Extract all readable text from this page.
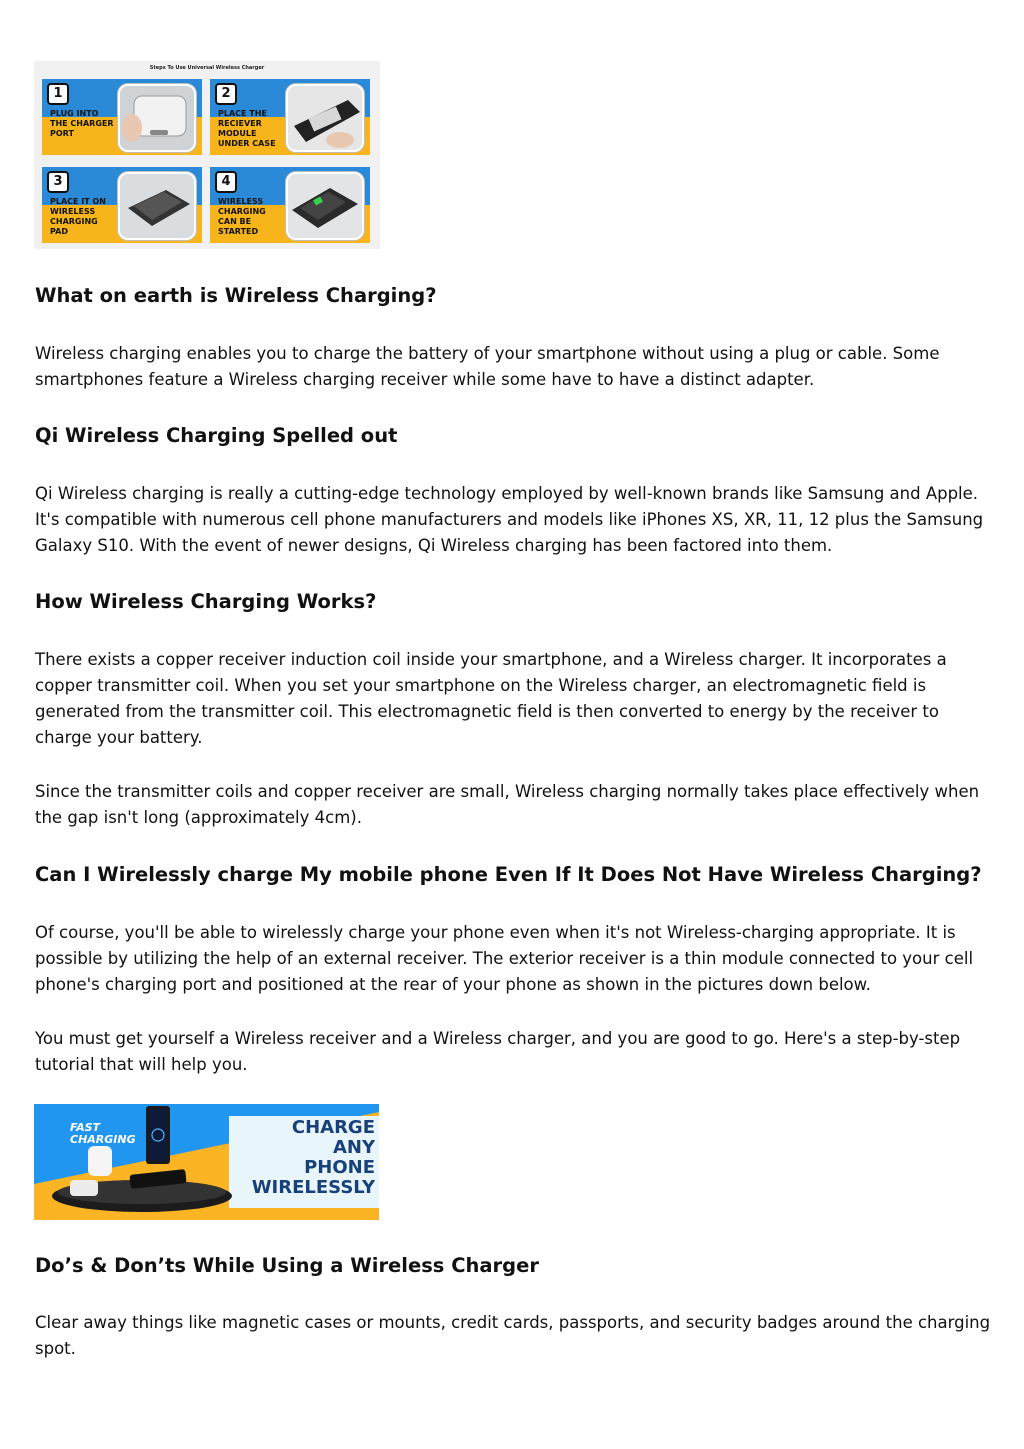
Steps To Use Universal Wireless Charger
1
PLUG INTO THE CHARGER PORT
2
PLACE THE RECIEVER MODULE UNDER CASE
3
PLACE IT ON WIRELESS CHARGING PAD
4
WIRELESS CHARGING CAN BE STARTED
What on earth is Wireless Charging?

Wireless charging enables you to charge the battery of your smartphone without using a plug or cable. Some smartphones feature a Wireless charging receiver while some have to have a distinct adapter.

Qi Wireless Charging Spelled out

Qi Wireless charging is really a cutting-edge technology employed by well-known brands like Samsung and Apple. It's compatible with numerous cell phone manufacturers and models like iPhones XS, XR, 11, 12 plus the Samsung Galaxy S10. With the event of newer designs, Qi Wireless charging has been factored into them.

How Wireless Charging Works?

There exists a copper receiver induction coil inside your smartphone, and a Wireless charger. It incorporates a copper transmitter coil. When you set your smartphone on the Wireless charger, an electromagnetic field is generated from the transmitter coil. This electromagnetic field is then converted to energy by the receiver to charge your battery.

Since the transmitter coils and copper receiver are small, Wireless charging normally takes place effectively when the gap isn't long (approximately 4cm).

Can I Wirelessly charge My mobile phone Even If It Does Not Have Wireless Charging?

Of course, you'll be able to wirelessly charge your phone even when it's not Wireless-charging appropriate. It is possible by utilizing the help of an external receiver. The exterior receiver is a thin module connected to your cell phone's charging port and positioned at the rear of your phone as shown in the pictures down below.

You must get yourself a Wireless receiver and a Wireless charger, and you are good to go. Here's a step-by-step tutorial that will help you.

FAST
CHARGING
CHARGE
ANY
PHONE
WIRELESSLY
Do’s & Don’ts While Using a Wireless Charger

Clear away things like magnetic cases or mounts, credit cards, passports, and security badges around the charging spot.
